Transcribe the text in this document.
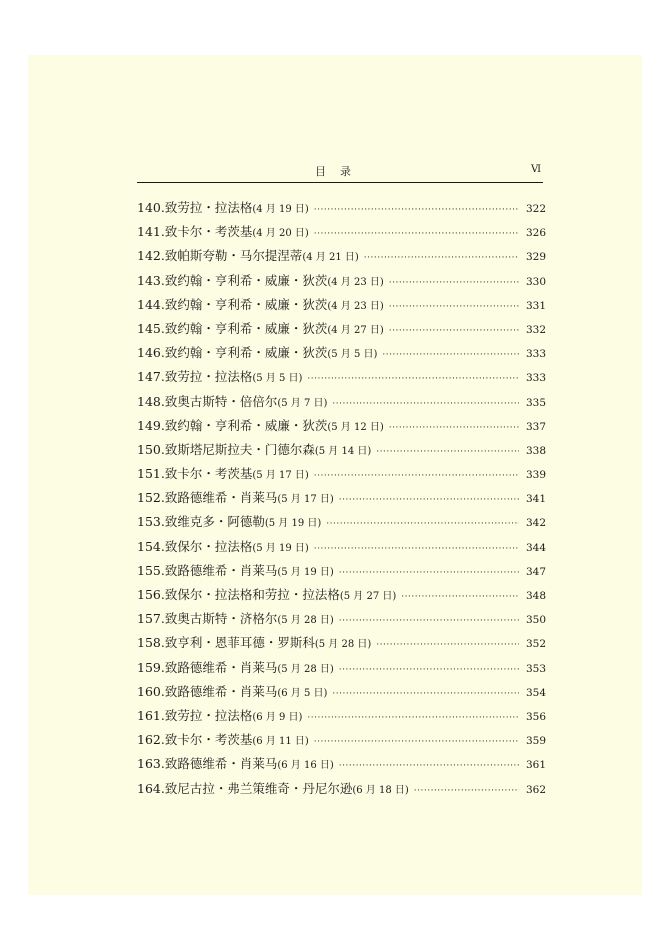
目录	Ⅵ
140.致劳拉・拉法格 (4 月 19 日) ·····	322
141.致卡尔・考茨基 (4 月 20 日) ·····	326
142.致帕斯夸勒・马尔提涅蒂 (4 月 21 日) ·····	329
143.致约翰・亨利希・威廉・狄茨 (4 月 23 日) ·····	330
144.致约翰・亨利希・威廉・狄茨 (4 月 23 日) ·····	331
145.致约翰・亨利希・威廉・狄茨 (4 月 27 日) ·····	332
146.致约翰・亨利希・威廉・狄茨 (5 月 5 日) ·····	333
147.致劳拉・拉法格 (5 月 5 日) ·····	333
148.致奥古斯特・倍倍尔 (5 月 7 日) ·····	335
149.致约翰・亨利希・威廉・狄茨 (5 月 12 日) ·····	337
150.致斯塔尼斯拉夫・门德尔森 (5 月 14 日) ·····	338
151.致卡尔・考茨基 (5 月 17 日) ·····	339
152.致路德维希・肖莱马 (5 月 17 日) ·····	341
153.致维克多・阿德勒 (5 月 19 日) ·····	342
154.致保尔・拉法格 (5 月 19 日) ·····	344
155.致路德维希・肖莱马 (5 月 19 日) ·····	347
156.致保尔・拉法格和劳拉・拉法格 (5 月 27 日) ·····	348
157.致奥古斯特・济格尔 (5 月 28 日) ·····	350
158.致亨利・恩菲耳德・罗斯科 (5 月 28 日) ·····	352
159.致路德维希・肖莱马 (5 月 28 日) ·····	353
160.致路德维希・肖莱马 (6 月 5 日) ·····	354
161.致劳拉・拉法格 (6 月 9 日) ·····	356
162.致卡尔・考茨基 (6 月 11 日) ·····	359
163.致路德维希・肖莱马 (6 月 16 日) ·····	361
164.致尼古拉・弗兰策维奇・丹尼尔逊 (6 月 18 日) ·····	362
